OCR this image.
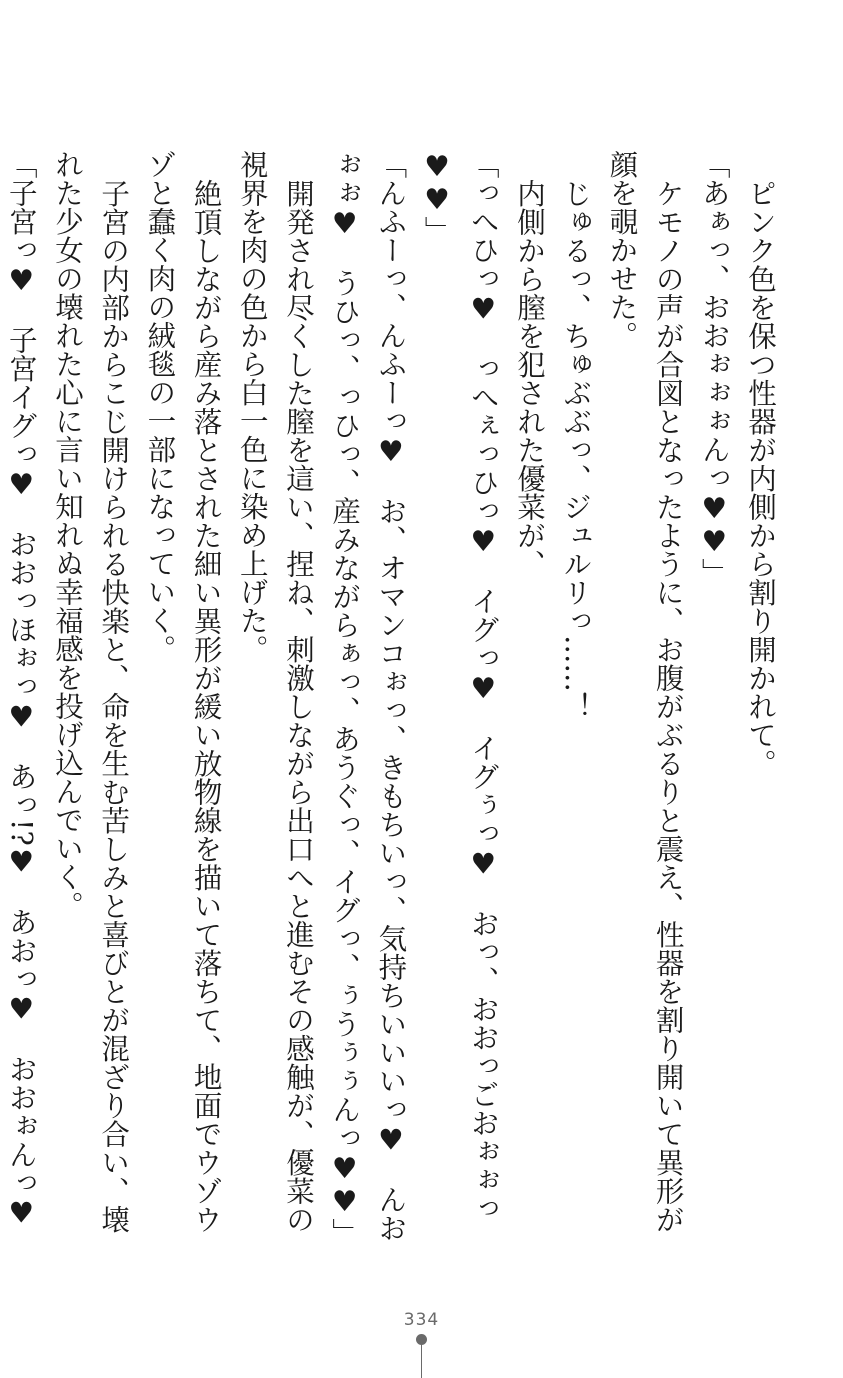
ピンク色を保つ性器が内側から割り開かれて。

「あぁっ、おおぉぉぉんっ♥♥」

ケモノの声が合図となったように、お腹がぶるりと震え、性器を割り開いて異形が顔を覗かせた。

じゅるっ、ちゅぶぶっ、ジュルリっ……！

内側から膣を犯された優菜が、

「っへひっ♥　っへぇっひっ♥　イグっ♥　イグぅっ♥　おっ、おおっごおぉぉっ♥♥」

「んふーっ、んふーっ♥　お、オマンコぉっ、きもちいっ、気持ちいいいっ♥　んおぉぉ♥　うひっ、っひっ、産みながらぁっ、あうぐっ、イグっ、ぅうぅぅんっ♥♥」

開発され尽くした膣を這い、捏ね、刺激しながら出口へと進むその感触が、優菜の視界を肉の色から白一色に染め上げた。

絶頂しながら産み落とされた細い異形が緩い放物線を描いて落ちて、地面でウゾウゾと蠢く肉の絨毯の一部になっていく。

子宮の内部からこじ開けられる快楽と、命を生む苦しみと喜びとが混ざり合い、壊れた少女の壊れた心に言い知れぬ幸福感を投げ込んでいく。

「子宮っ♥　子宮イグっ♥　おおっほぉっ♥　あっ!?♥　あおっ♥　おおぉんっ♥　

334
